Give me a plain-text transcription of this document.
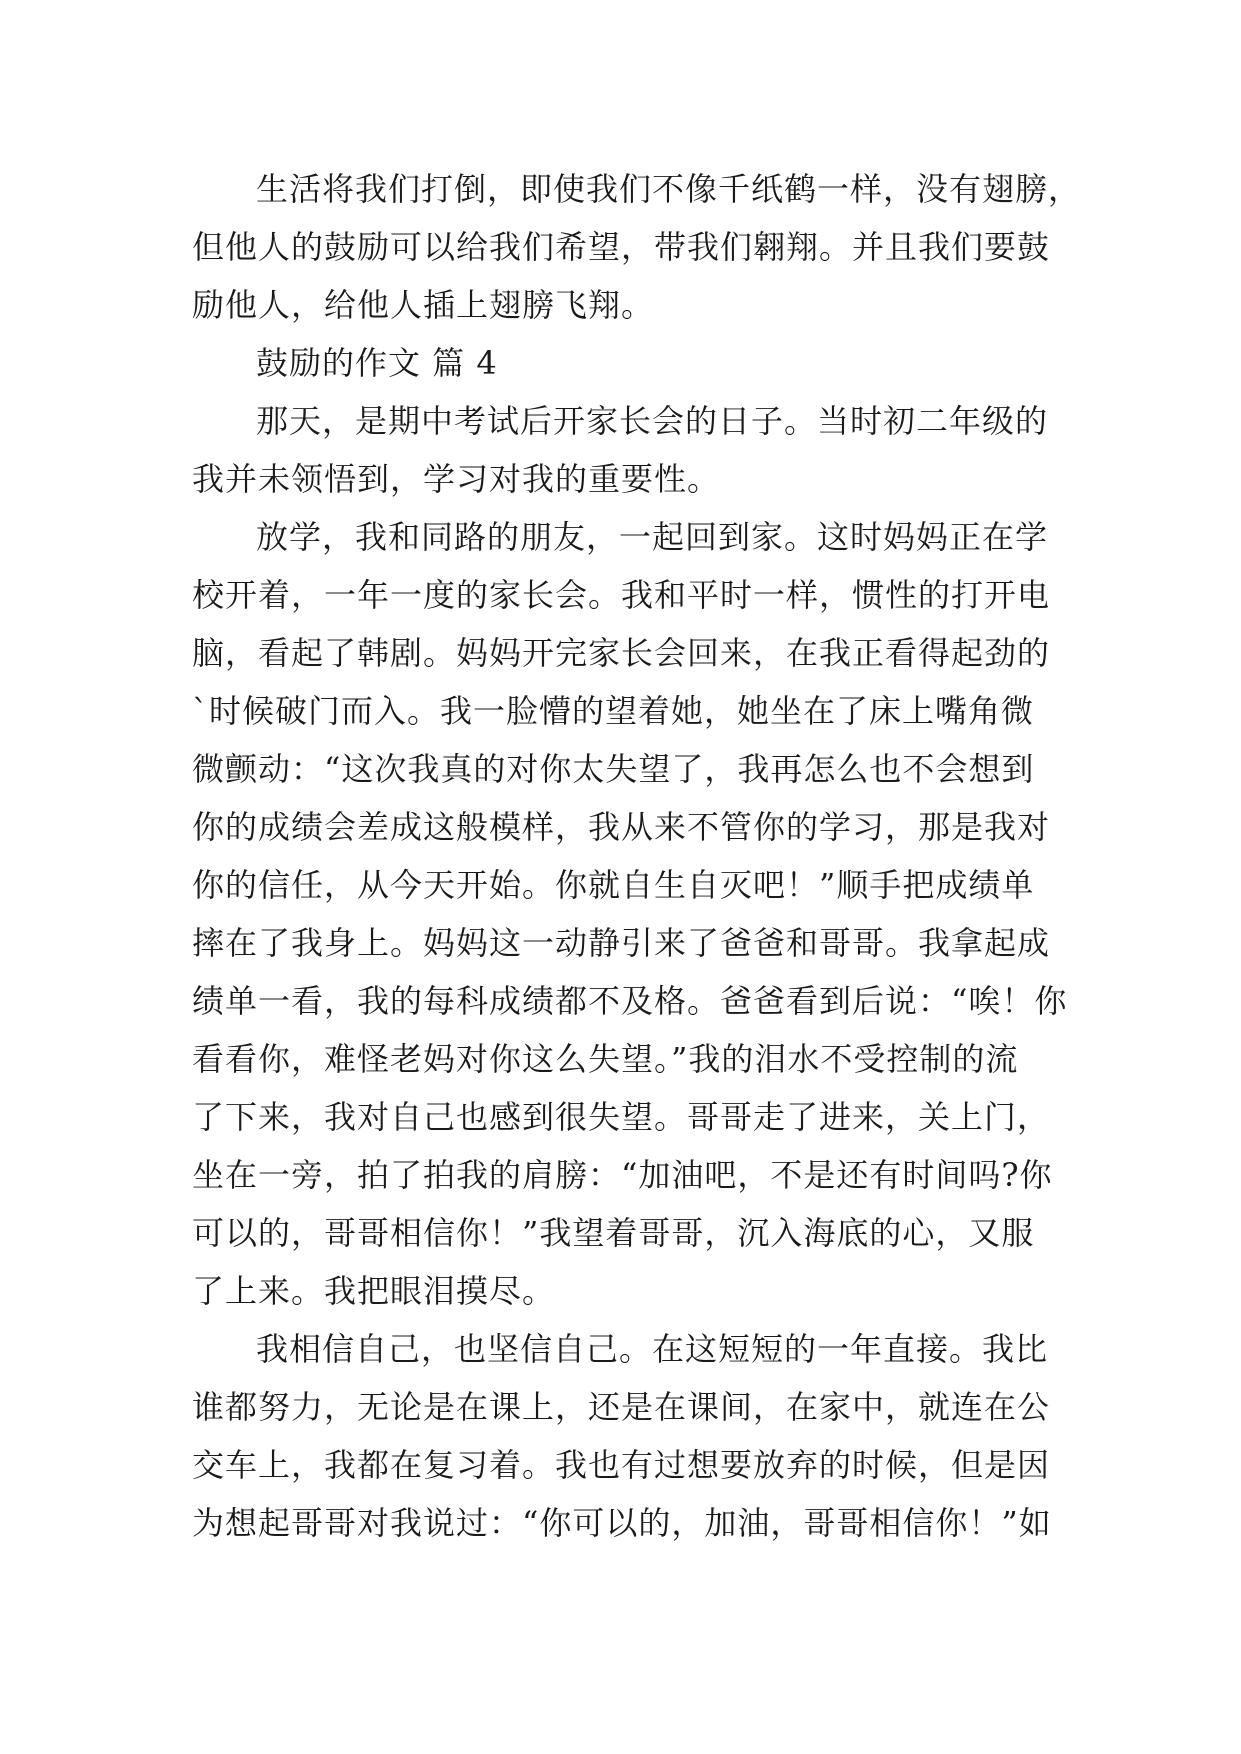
生活将我们打倒，即使我们不像千纸鹤一样，没有翅膀，
但他人的鼓励可以给我们希望，带我们翱翔。并且我们要鼓
励他人，给他人插上翅膀飞翔。

鼓励的作文 篇 4

那天，是期中考试后开家长会的日子。当时初二年级的
我并未领悟到，学习对我的重要性。

放学，我和同路的朋友，一起回到家。这时妈妈正在学
校开着，一年一度的家长会。我和平时一样，惯性的打开电
脑，看起了韩剧。妈妈开完家长会回来，在我正看得起劲的
`时候破门而入。我一脸懵的望着她，她坐在了床上嘴角微
微颤动：“这次我真的对你太失望了，我再怎么也不会想到
你的成绩会差成这般模样，我从来不管你的学习，那是我对
你的信任，从今天开始。你就自生自灭吧！”顺手把成绩单
摔在了我身上。妈妈这一动静引来了爸爸和哥哥。我拿起成
绩单一看，我的每科成绩都不及格。爸爸看到后说：“唉！你
看看你，难怪老妈对你这么失望。”我的泪水不受控制的流
了下来，我对自己也感到很失望。哥哥走了进来，关上门，
坐在一旁，拍了拍我的肩膀：“加油吧，不是还有时间吗?你
可以的，哥哥相信你！”我望着哥哥，沉入海底的心，又服
了上来。我把眼泪摸尽。

我相信自己，也坚信自己。在这短短的一年直接。我比
谁都努力，无论是在课上，还是在课间，在家中，就连在公
交车上，我都在复习着。我也有过想要放弃的时候，但是因
为想起哥哥对我说过：“你可以的，加油，哥哥相信你！”如
